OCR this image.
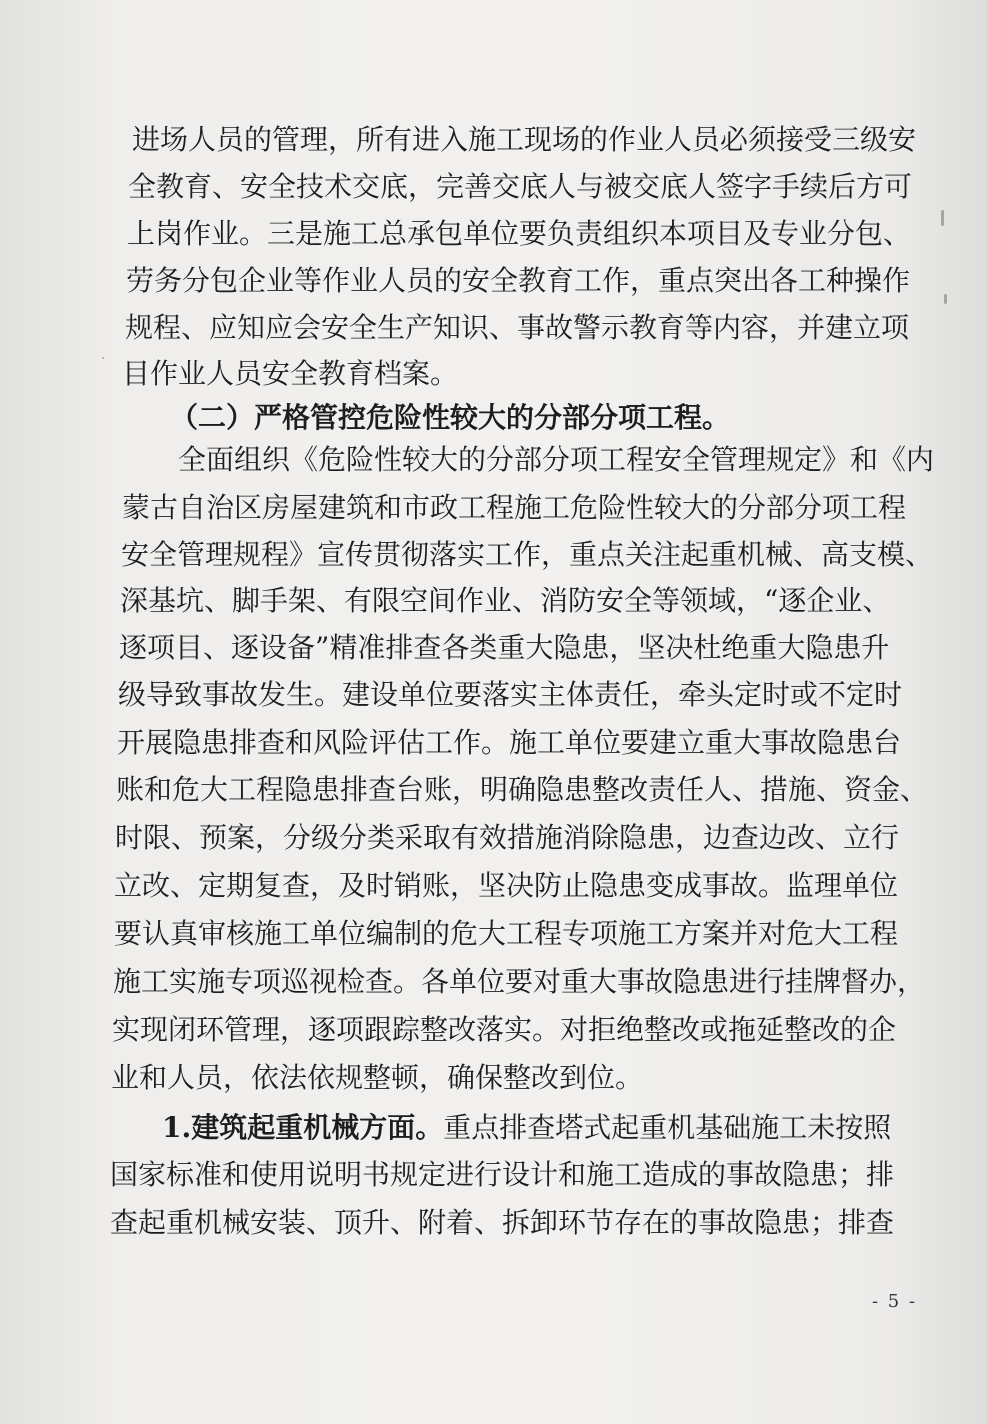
进场人员的管理，所有进入施工现场的作业人员必须接受三级安

全教育、安全技术交底，完善交底人与被交底人签字手续后方可

上岗作业。三是施工总承包单位要负责组织本项目及专业分包、

劳务分包企业等作业人员的安全教育工作，重点突出各工种操作

规程、应知应会安全生产知识、事故警示教育等内容，并建立项

目作业人员安全教育档案。

（二）严格管控危险性较大的分部分项工程。

全面组织《危险性较大的分部分项工程安全管理规定》和《内

蒙古自治区房屋建筑和市政工程施工危险性较大的分部分项工程

安全管理规程》宣传贯彻落实工作，重点关注起重机械、高支模、

深基坑、脚手架、有限空间作业、消防安全等领域，“逐企业、

逐项目、逐设备”精准排查各类重大隐患，坚决杜绝重大隐患升

级导致事故发生。建设单位要落实主体责任，牵头定时或不定时

开展隐患排查和风险评估工作。施工单位要建立重大事故隐患台

账和危大工程隐患排查台账，明确隐患整改责任人、措施、资金、

时限、预案，分级分类采取有效措施消除隐患，边查边改、立行

立改、定期复查，及时销账，坚决防止隐患变成事故。监理单位

要认真审核施工单位编制的危大工程专项施工方案并对危大工程

施工实施专项巡视检查。各单位要对重大事故隐患进行挂牌督办，

实现闭环管理，逐项跟踪整改落实。对拒绝整改或拖延整改的企

业和人员，依法依规整顿，确保整改到位。

1.建筑起重机械方面。重点排查塔式起重机基础施工未按照

国家标准和使用说明书规定进行设计和施工造成的事故隐患；排

查起重机械安装、顶升、附着、拆卸环节存在的事故隐患；排查

- 5 -
